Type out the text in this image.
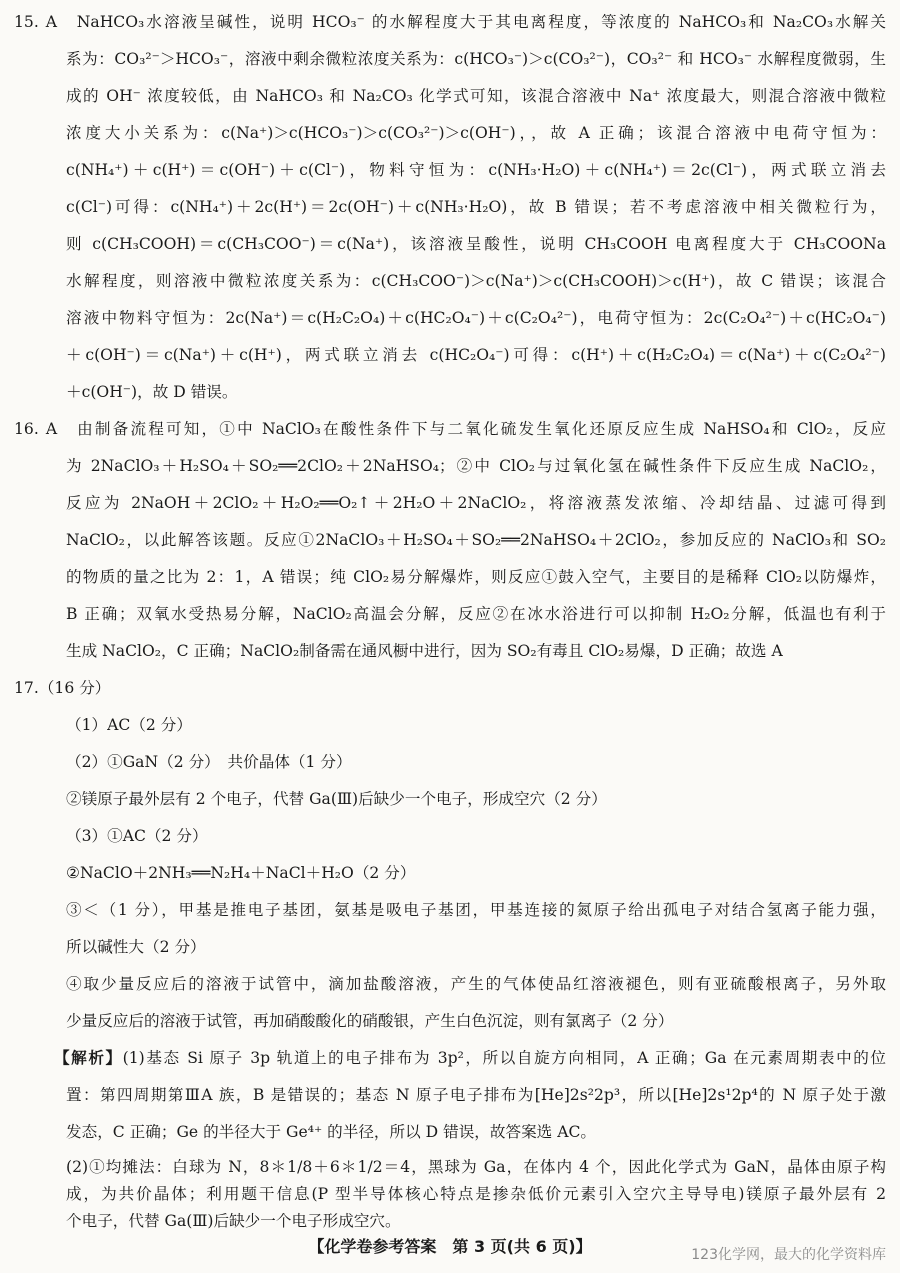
15. A　NaHCO₃水溶液呈碱性，说明 HCO₃⁻ 的水解程度大于其电离程度，等浓度的 NaHCO₃和 Na₂CO₃水解关
系为：CO₃²⁻＞HCO₃⁻，溶液中剩余微粒浓度关系为：c(HCO₃⁻)＞c(CO₃²⁻)，CO₃²⁻ 和 HCO₃⁻ 水解程度微弱，生
成的 OH⁻ 浓度较低，由 NaHCO₃ 和 Na₂CO₃ 化学式可知，该混合溶液中 Na⁺ 浓度最大，则混合溶液中微粒
浓度大小关系为：c(Na⁺)＞c(HCO₃⁻)＞c(CO₃²⁻)＞c(OH⁻)，，故 A 正确；该混合溶液中电荷守恒为：
c(NH₄⁺)＋c(H⁺)＝c(OH⁻)＋c(Cl⁻)，物料守恒为：c(NH₃·H₂O)＋c(NH₄⁺)＝2c(Cl⁻)，两式联立消去
c(Cl⁻)可得：c(NH₄⁺)＋2c(H⁺)＝2c(OH⁻)＋c(NH₃·H₂O)，故 B 错误；若不考虑溶液中相关微粒行为，
则 c(CH₃COOH)＝c(CH₃COO⁻)＝c(Na⁺)，该溶液呈酸性，说明 CH₃COOH 电离程度大于 CH₃COONa
水解程度，则溶液中微粒浓度关系为：c(CH₃COO⁻)＞c(Na⁺)＞c(CH₃COOH)＞c(H⁺)，故 C 错误；该混合
溶液中物料守恒为：2c(Na⁺)＝c(H₂C₂O₄)＋c(HC₂O₄⁻)＋c(C₂O₄²⁻)，电荷守恒为：2c(C₂O₄²⁻)＋c(HC₂O₄⁻)
＋c(OH⁻)＝c(Na⁺)＋c(H⁺)，两式联立消去 c(HC₂O₄⁻)可得：c(H⁺)＋c(H₂C₂O₄)＝c(Na⁺)＋c(C₂O₄²⁻)
＋c(OH⁻)，故 D 错误。
16. A　由制备流程可知，①中 NaClO₃在酸性条件下与二氧化硫发生氧化还原反应生成 NaHSO₄和 ClO₂，反应
为 2NaClO₃＋H₂SO₄＋SO₂══2ClO₂＋2NaHSO₄；②中 ClO₂与过氧化氢在碱性条件下反应生成 NaClO₂，
反应为 2NaOH＋2ClO₂＋H₂O₂══O₂↑＋2H₂O＋2NaClO₂，将溶液蒸发浓缩、冷却结晶、过滤可得到
NaClO₂，以此解答该题。反应①2NaClO₃＋H₂SO₄＋SO₂══2NaHSO₄＋2ClO₂，参加反应的 NaClO₃和 SO₂
的物质的量之比为 2：1，A 错误；纯 ClO₂易分解爆炸，则反应①鼓入空气，主要目的是稀释 ClO₂以防爆炸，
B 正确；双氧水受热易分解，NaClO₂高温会分解，反应②在冰水浴进行可以抑制 H₂O₂分解，低温也有利于
生成 NaClO₂，C 正确；NaClO₂制备需在通风橱中进行，因为 SO₂有毒且 ClO₂易爆，D 正确；故选 A
17.（16 分）
（1）AC（2 分）
（2）①GaN（2 分）　共价晶体（1 分）
②镁原子最外层有 2 个电子，代替 Ga(Ⅲ)后缺少一个电子，形成空穴（2 分）
（3）①AC（2 分）
②NaClO＋2NH₃══N₂H₄＋NaCl＋H₂O（2 分）
③＜（1 分），甲基是推电子基团，氨基是吸电子基团，甲基连接的氮原子给出孤电子对结合氢离子能力强，
所以碱性大（2 分）
④取少量反应后的溶液于试管中，滴加盐酸溶液，产生的气体使品红溶液褪色，则有亚硫酸根离子，另外取
少量反应后的溶液于试管，再加硝酸酸化的硝酸银，产生白色沉淀，则有氯离子（2 分）
【解析】(1)基态 Si 原子 3p 轨道上的电子排布为 3p²，所以自旋方向相同，A 正确；Ga 在元素周期表中的位
置：第四周期第ⅢA 族，B 是错误的；基态 N 原子电子排布为[He]2s²2p³，所以[He]2s¹2p⁴的 N 原子处于激
发态，C 正确；Ge 的半径大于 Ge⁴⁺ 的半径，所以 D 错误，故答案选 AC。
(2)①均摊法：白球为 N，8＊1/8＋6＊1/2＝4，黑球为 Ga，在体内 4 个，因此化学式为 GaN，晶体由原子构
成，为共价晶体；利用题干信息(P 型半导体核心特点是掺杂低价元素引入空穴主导导电)镁原子最外层有 2
个电子，代替 Ga(Ⅲ)后缺少一个电子形成空穴。
【化学卷参考答案　第 3 页(共 6 页)】	123化学网，最大的化学资料库
